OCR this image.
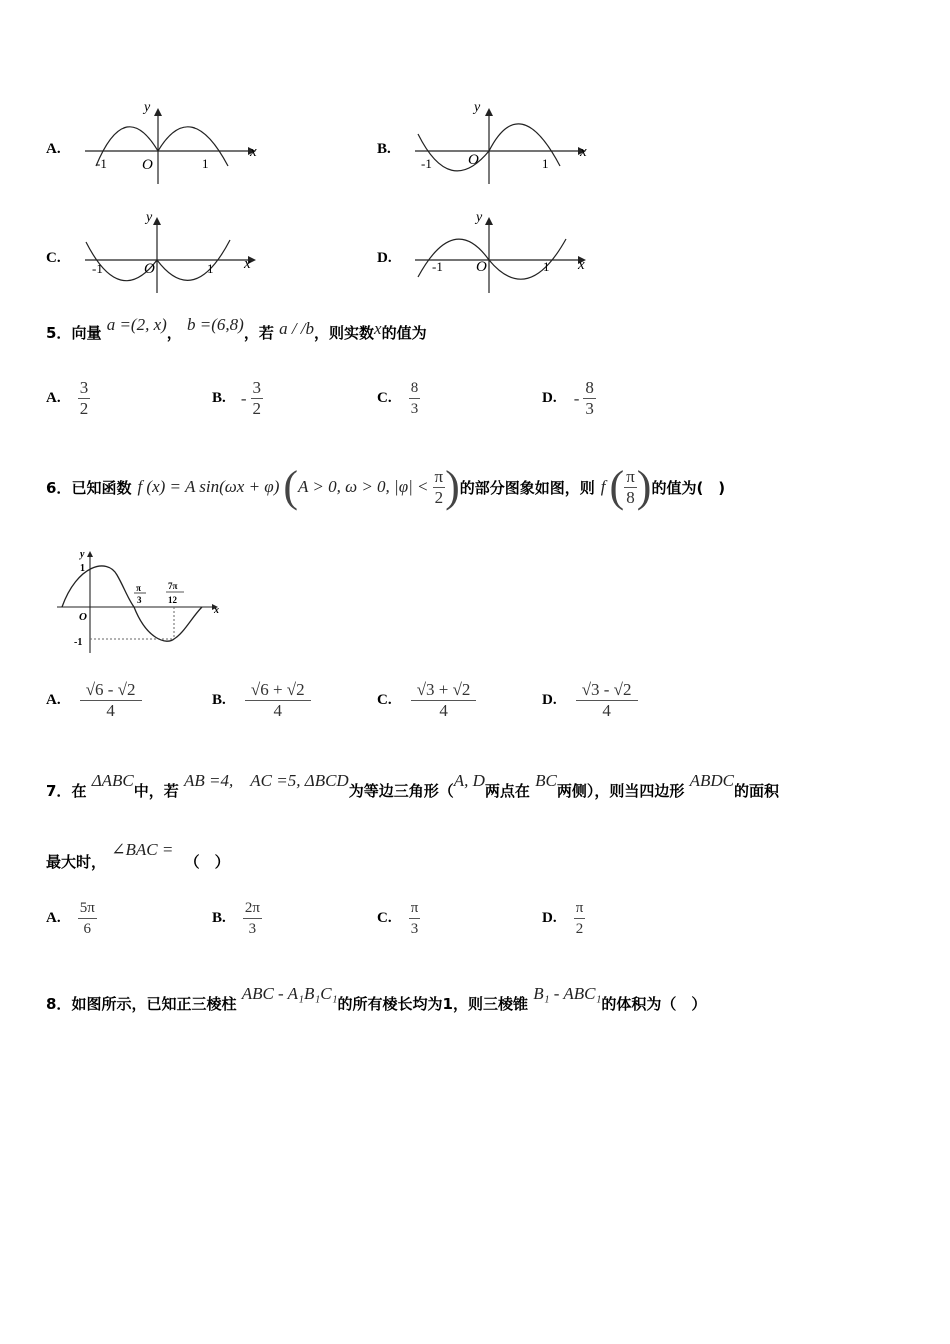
A.
y
x
-1 O	1
B.
y
x
-1 O	1
C.
y
x
-1	O	1
D.
y
x
-1 O	1
5．向量 a =(2, x)， b =(6,8)，若 a / /b，则实数x的值为
A. $\frac{3}{2}$	B. - $\frac{3}{2}$	C. $\frac{8}{3}$	D. - $\frac{8}{3}$
6． 已知函数 f (x) = A sin(ωx + φ) ( A > 0, ω > 0, $|\varphi| < \frac{\pi}{2}$ ) 的部分图象如图，则 f ( $\frac{\pi}{8}$ ) 的值为(　)
y
1
O
-1
x
π
3
7π
12
A. $\frac{√6 - √2}{4}$	B. $\frac{√6 + √2}{4}$	C. $\frac{√3 + √2}{4}$	D. $\frac{√3 - √2}{4}$
7．在 ΔABC中，若 AB =4,　AC =5, ΔBCD为等边三角形（A, D两点在 BC两侧），则当四边形 ABDC的面积
最大时， ∠BAC = （　）
A. $\frac{5\pi}{6}$	B. $\frac{2\pi}{3}$	C. $\frac{\pi}{3}$	D. $\frac{\pi}{2}$
8．如图所示，已知正三棱柱 ABC - A₁B₁C₁的所有棱长均为1，则三棱锥 B₁ - ABC₁的体积为（　）
